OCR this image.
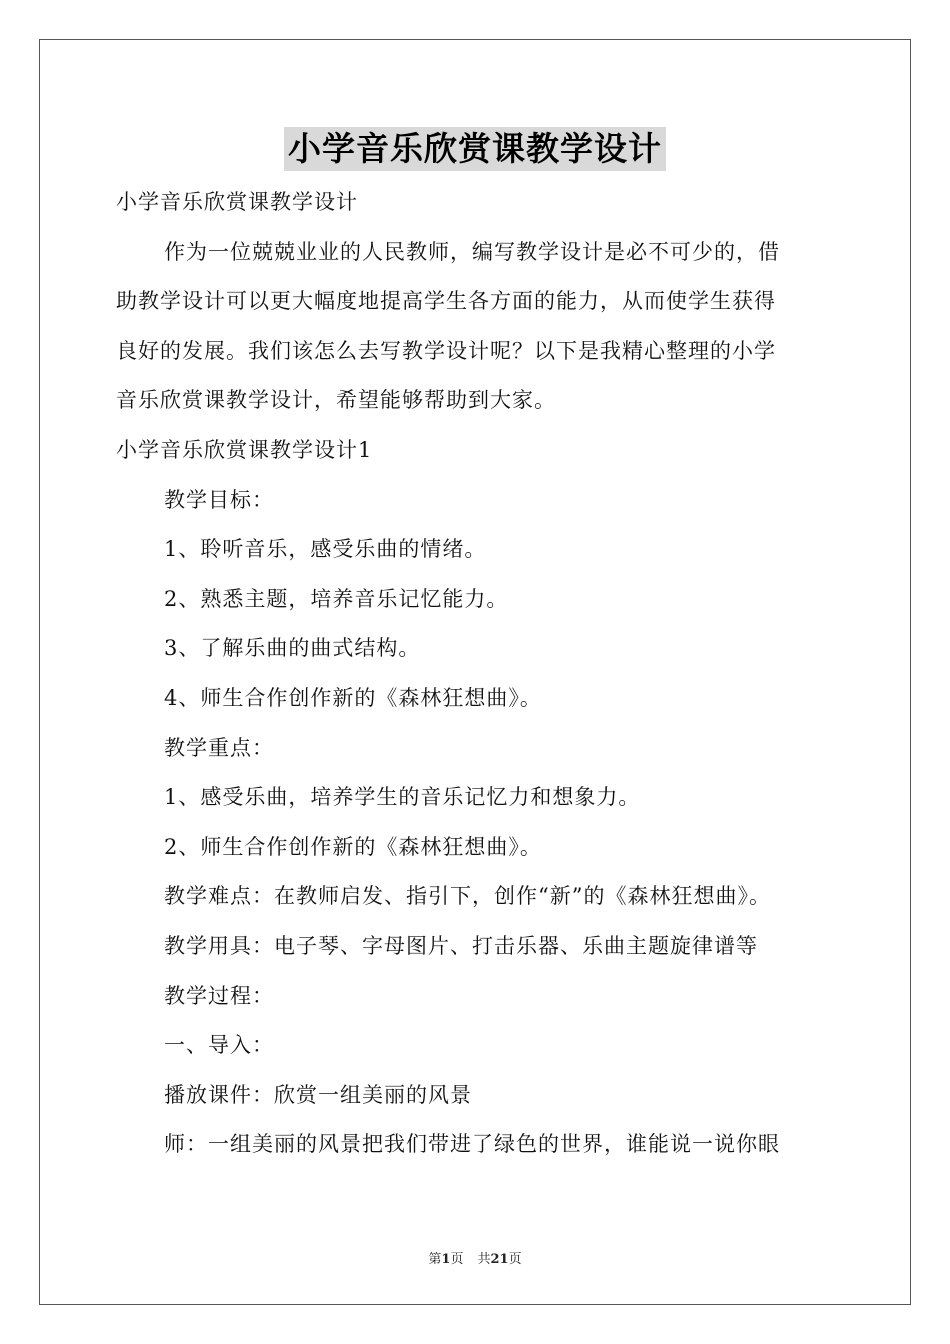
小学音乐欣赏课教学设计
小学音乐欣赏课教学设计
作为一位兢兢业业的人民教师，编写教学设计是必不可少的，借
助教学设计可以更大幅度地提高学生各方面的能力，从而使学生获得
良好的发展。我们该怎么去写教学设计呢？以下是我精心整理的小学
音乐欣赏课教学设计，希望能够帮助到大家。
小学音乐欣赏课教学设计1
教学目标：
1、聆听音乐，感受乐曲的情绪。
2、熟悉主题，培养音乐记忆能力。
3、了解乐曲的曲式结构。
4、师生合作创作新的《森林狂想曲》。
教学重点：
1、感受乐曲，培养学生的音乐记忆力和想象力。
2、师生合作创作新的《森林狂想曲》。
教学难点：在教师启发、指引下，创作“新”的《森林狂想曲》。
教学用具：电子琴、字母图片、打击乐器、乐曲主题旋律谱等
教学过程：
一、导入：
播放课件：欣赏一组美丽的风景
师：一组美丽的风景把我们带进了绿色的世界，谁能说一说你眼
第1页 共21页
